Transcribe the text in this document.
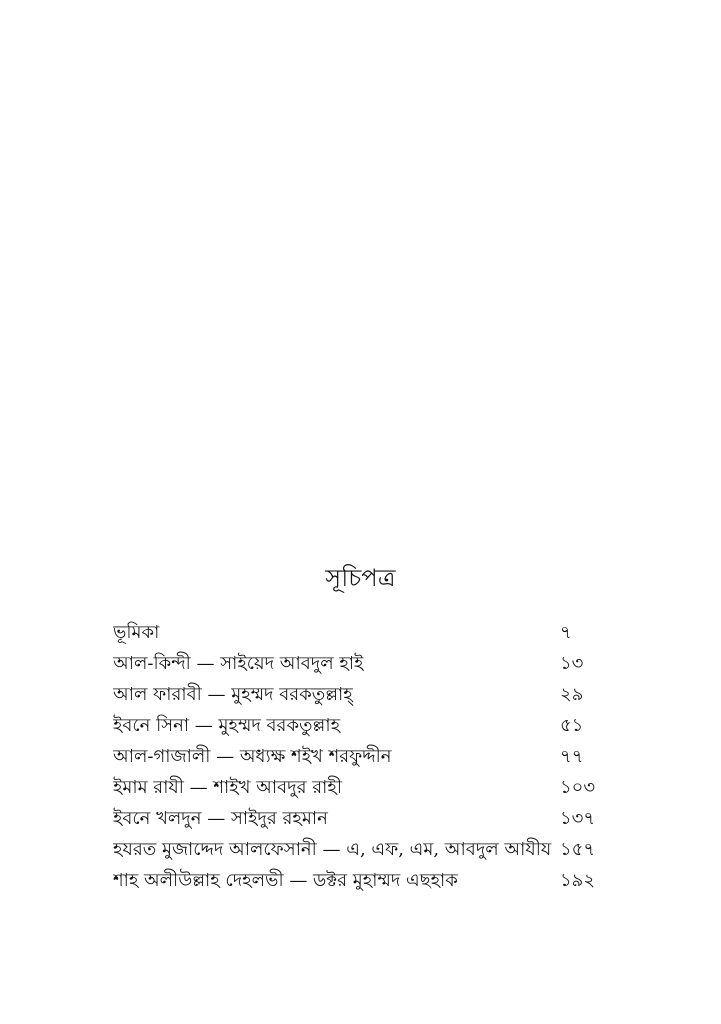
সূচিপত্র
ভূমিকা	৭
আল-কিন্দী — সাইয়েদ আবদুল হাই	১৩
আল ফারাবী — মুহম্মদ বরকতুল্লাহ্	২৯
ইবনে সিনা — মুহম্মদ বরকতুল্লাহ	৫১
আল-গাজালী — অধ্যক্ষ শইখ শরফুদ্দীন	৭৭
ইমাম রাযী — শাইখ আবদুর রাহী	১০৩
ইবনে খলদুন — সাইদুর রহমান	১৩৭
হযরত মুজাদ্দেদ আলফেসানী — এ, এফ, এম, আবদুল আযীয ১৫৭
শাহ অলীউল্লাহ দেহলভী — ডক্টর মুহাম্মদ এছহাক	১৯২
